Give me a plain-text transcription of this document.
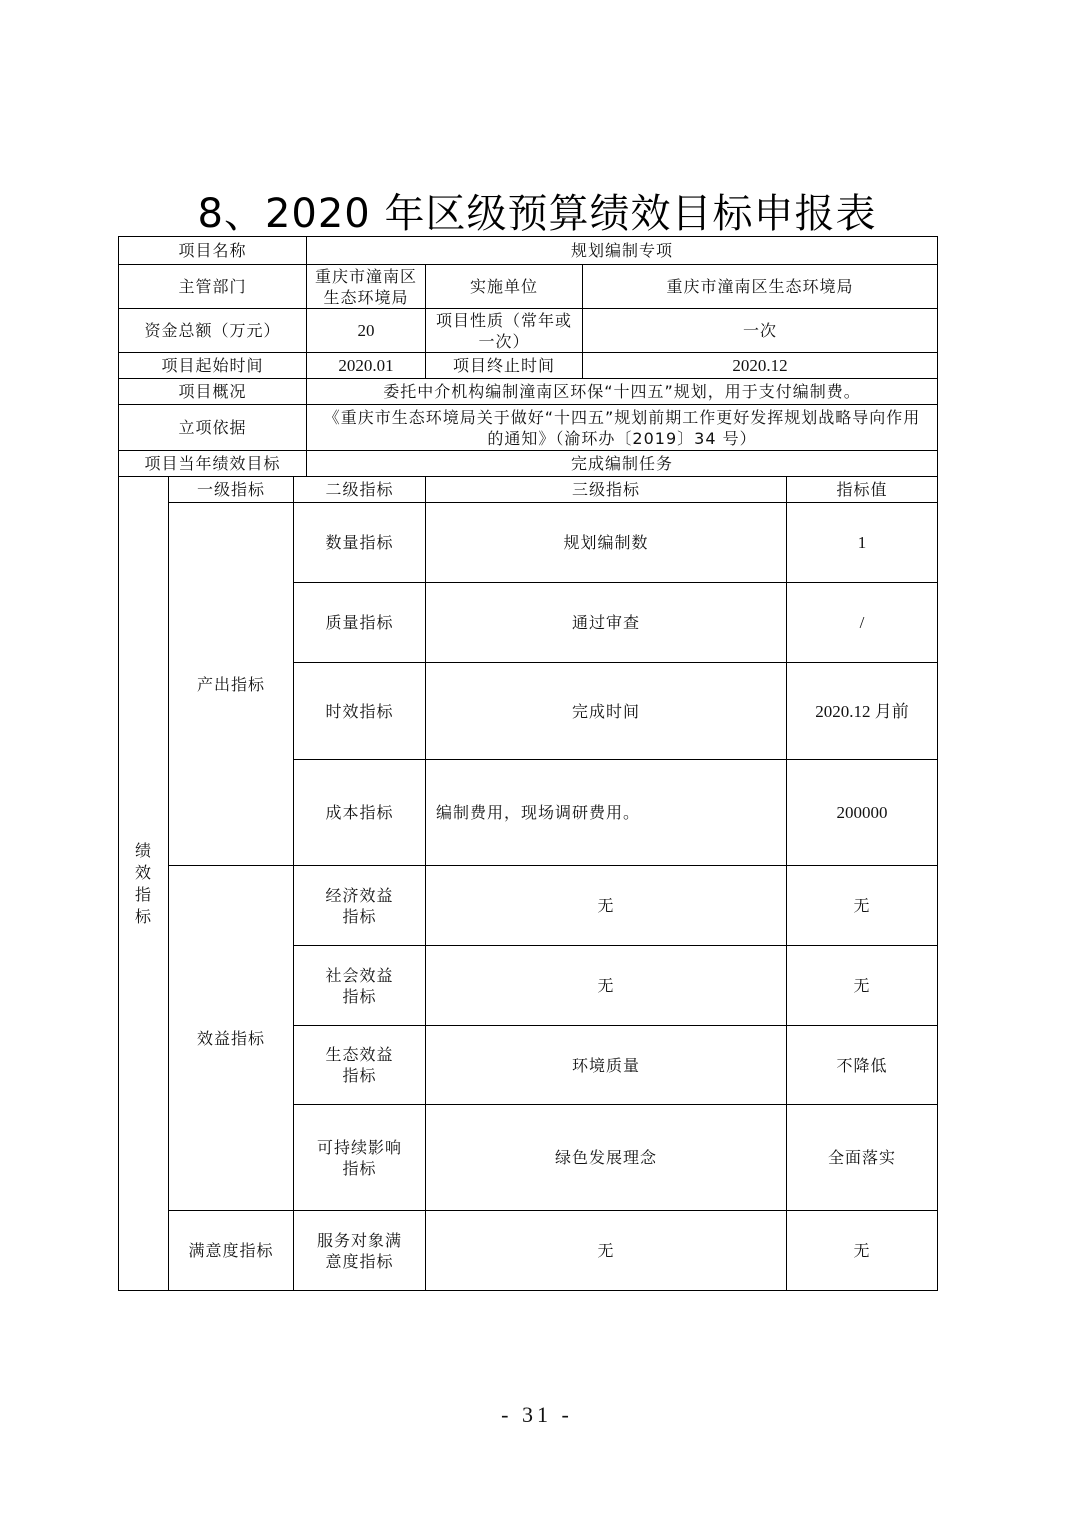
8、2020 年区级预算绩效目标申报表
项目名称			规划编制专项			
主管部门			重庆市潼南区生态环境局	实施单位	重庆市潼南区生态环境局	
资金总额（万元）			20	项目性质（常年或一次）	一次	
项目起始时间			2020.01	项目终止时间	2020.12	
项目概况			委托中介机构编制潼南区环保“十四五”规划，用于支付编制费。			
立项依据			《重庆市生态环境局关于做好“十四五”规划前期工作更好发挥规划战略导向作用的通知》（渝环办〔2019〕34 号）			
项目当年绩效目标			完成编制任务			
绩效指标	一级指标	二级指标		三级指标		指标值
	产出指标	数量指标		规划编制数		1
		质量指标		通过审查		/
		时效指标		完成时间		2020.12 月前
		成本指标		编制费用，现场调研费用。		200000
	效益指标	经济效益指标		无		无
		社会效益指标		无		无
		生态效益指标		环境质量		不降低
		可持续影响指标		绿色发展理念		全面落实
	满意度指标	服务对象满意度指标		无		无
- 31 -
